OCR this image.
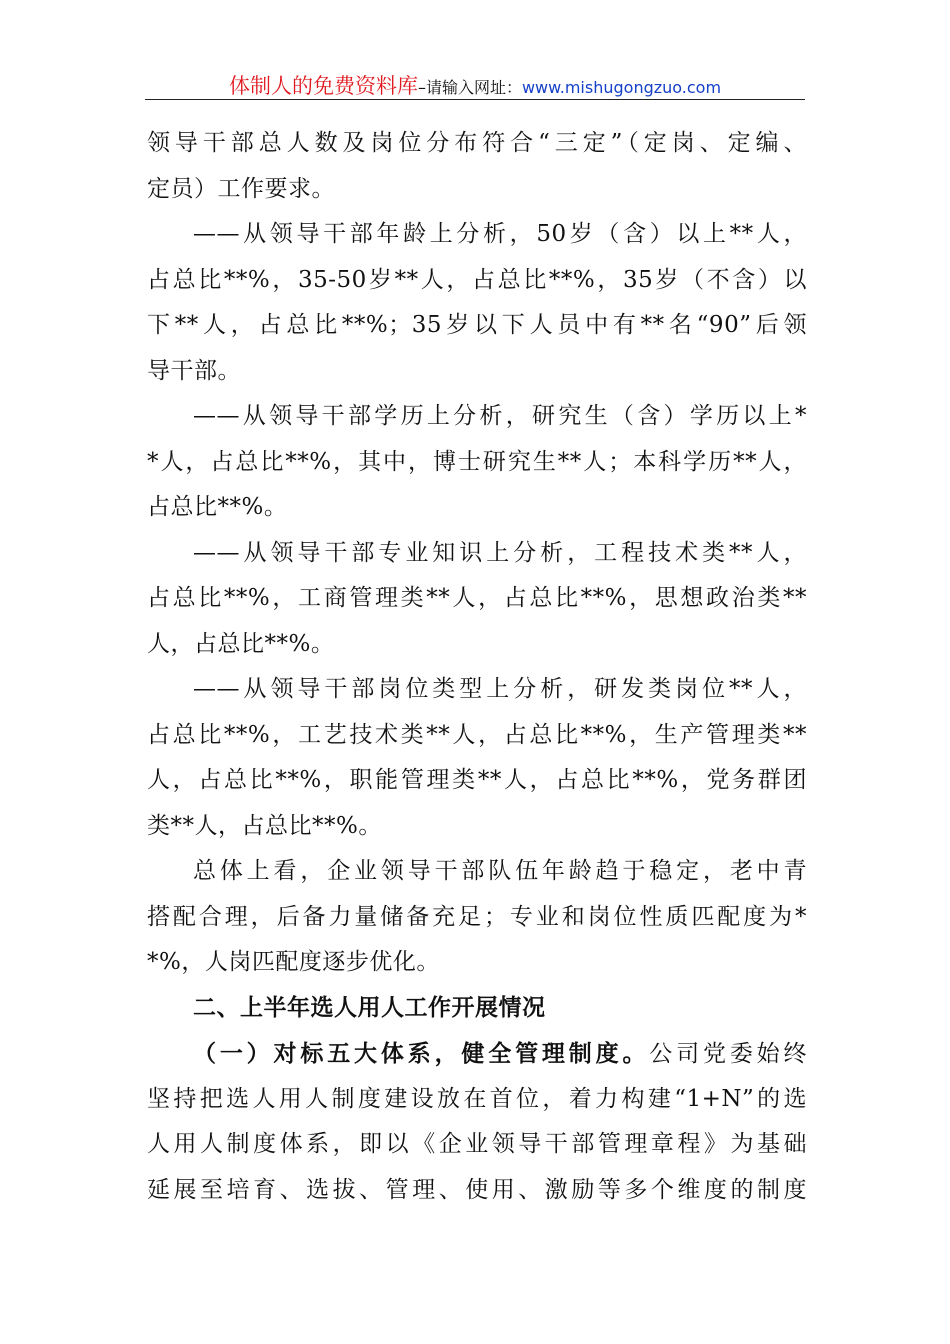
体制人的免费资料库–请输入网址：www.mishugongzuo.com
领导干部总人数及岗位分布符合“三定”（定岗、定编、
定员）工作要求。
——从领导干部年龄上分析，50岁（含）以上**人，
占总比**%，35-50岁**人，占总比**%，35岁（不含）以
下**人，占总比**%；35岁以下人员中有**名“90”后领
导干部。
——从领导干部学历上分析，研究生（含）学历以上*
*人，占总比**%，其中，博士研究生**人；本科学历**人，
占总比**%。
——从领导干部专业知识上分析，工程技术类**人，
占总比**%，工商管理类**人，占总比**%，思想政治类**
人，占总比**%。
——从领导干部岗位类型上分析，研发类岗位**人，
占总比**%，工艺技术类**人，占总比**%，生产管理类**
人，占总比**%，职能管理类**人，占总比**%，党务群团
类**人，占总比**%。
总体上看，企业领导干部队伍年龄趋于稳定，老中青
搭配合理，后备力量储备充足；专业和岗位性质匹配度为*
*%，人岗匹配度逐步优化。
二、上半年选人用人工作开展情况
（一）对标五大体系，健全管理制度。公司党委始终
坚持把选人用人制度建设放在首位，着力构建“1+N”的选
人用人制度体系，即以《企业领导干部管理章程》为基础
延展至培育、选拔、管理、使用、激励等多个维度的制度
